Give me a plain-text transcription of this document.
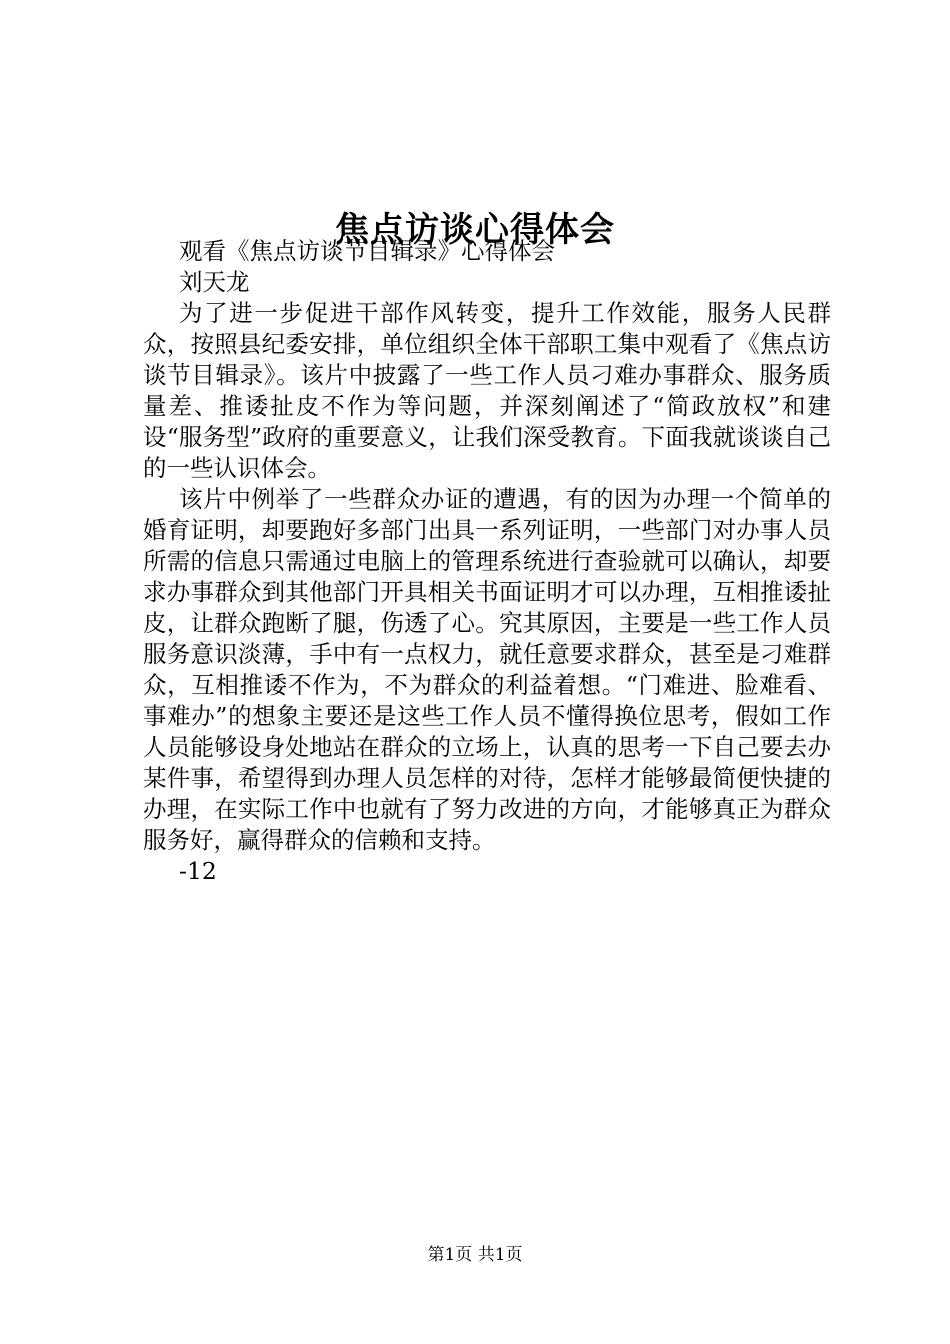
焦点访谈心得体会

观看《焦点访谈节目辑录》心得体会

刘天龙

为了进一步促进干部作风转变，提升工作效能，服务人民群众，按照县纪委安排，单位组织全体干部职工集中观看了《焦点访谈节目辑录》。该片中披露了一些工作人员刁难办事群众、服务质量差、推诿扯皮不作为等问题，并深刻阐述了“简政放权”和建设“服务型”政府的重要意义，让我们深受教育。下面我就谈谈自己的一些认识体会。

该片中例举了一些群众办证的遭遇，有的因为办理一个简单的婚育证明，却要跑好多部门出具一系列证明，一些部门对办事人员所需的信息只需通过电脑上的管理系统进行查验就可以确认，却要求办事群众到其他部门开具相关书面证明才可以办理，互相推诿扯皮，让群众跑断了腿，伤透了心。究其原因，主要是一些工作人员服务意识淡薄，手中有一点权力，就任意要求群众，甚至是刁难群众，互相推诿不作为，不为群众的利益着想。“门难进、脸难看、事难办”的想象主要还是这些工作人员不懂得换位思考，假如工作人员能够设身处地站在群众的立场上，认真的思考一下自己要去办某件事，希望得到办理人员怎样的对待，怎样才能够最简便快捷的办理，在实际工作中也就有了努力改进的方向，才能够真正为群众服务好，赢得群众的信赖和支持。

-12

第1页 共1页
